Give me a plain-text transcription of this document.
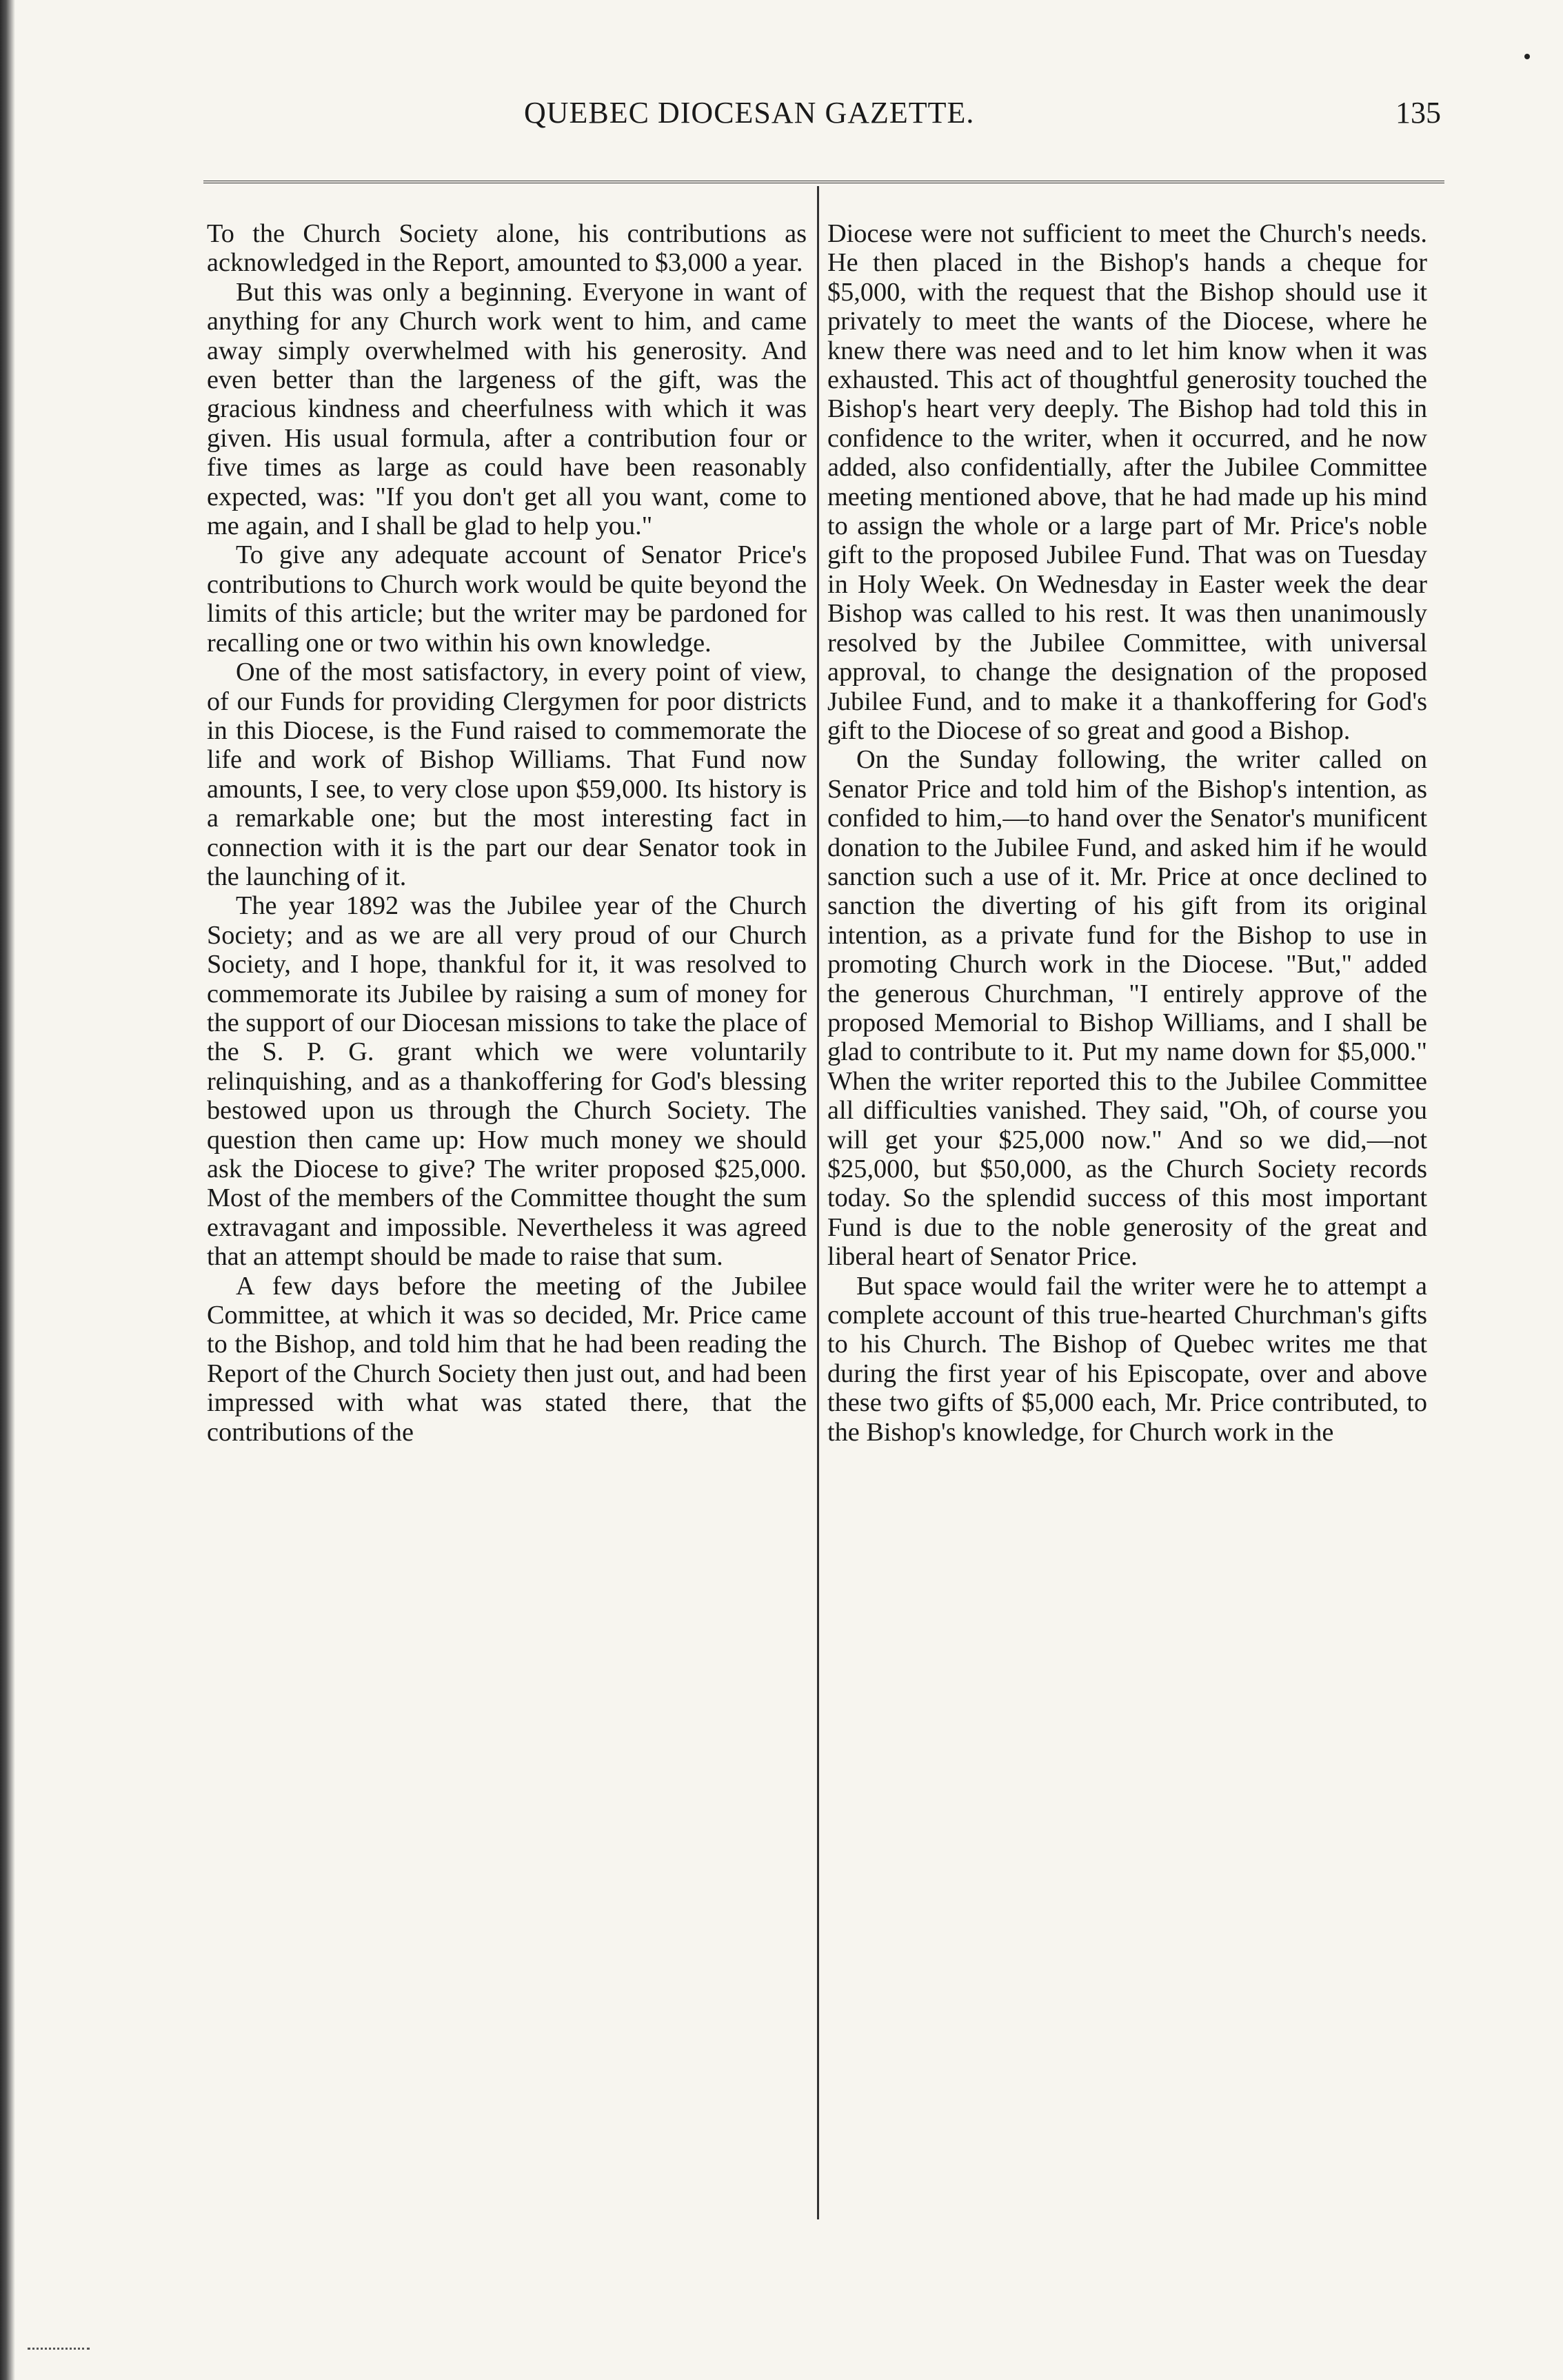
QUEBEC DIOCESAN GAZETTE.	135

To the Church Society alone, his contributions as acknowledged in the Report, amounted to $3,000 a year.

But this was only a beginning. Everyone in want of anything for any Church work went to him, and came away simply overwhelmed with his generosity. And even better than the largeness of the gift, was the gracious kindness and cheerfulness with which it was given. His usual formula, after a contribution four or five times as large as could have been reasonably expected, was: "If you don't get all you want, come to me again, and I shall be glad to help you."

To give any adequate account of Senator Price's contributions to Church work would be quite beyond the limits of this article; but the writer may be pardoned for recalling one or two within his own knowledge.

One of the most satisfactory, in every point of view, of our Funds for providing Clergymen for poor districts in this Diocese, is the Fund raised to commemorate the life and work of Bishop Williams. That Fund now amounts, I see, to very close upon $59,000. Its history is a remarkable one; but the most interesting fact in connection with it is the part our dear Senator took in the launching of it.

The year 1892 was the Jubilee year of the Church Society; and as we are all very proud of our Church Society, and I hope, thankful for it, it was resolved to commemorate its Jubilee by raising a sum of money for the support of our Diocesan missions to take the place of the S. P. G. grant which we were voluntarily relinquishing, and as a thankoffering for God's blessing bestowed upon us through the Church Society. The question then came up: How much money we should ask the Diocese to give? The writer proposed $25,000. Most of the members of the Committee thought the sum extravagant and impossible. Nevertheless it was agreed that an attempt should be made to raise that sum.

A few days before the meeting of the Jubilee Committee, at which it was so decided, Mr. Price came to the Bishop, and told him that he had been reading the Report of the Church Society then just out, and had been impressed with what was stated there, that the contributions of the

Diocese were not sufficient to meet the Church's needs. He then placed in the Bishop's hands a cheque for $5,000, with the request that the Bishop should use it privately to meet the wants of the Diocese, where he knew there was need and to let him know when it was exhausted. This act of thoughtful generosity touched the Bishop's heart very deeply. The Bishop had told this in confidence to the writer, when it occurred, and he now added, also confidentially, after the Jubilee Committee meeting mentioned above, that he had made up his mind to assign the whole or a large part of Mr. Price's noble gift to the proposed Jubilee Fund. That was on Tuesday in Holy Week. On Wednesday in Easter week the dear Bishop was called to his rest. It was then unanimously resolved by the Jubilee Committee, with universal approval, to change the designation of the proposed Jubilee Fund, and to make it a thankoffering for God's gift to the Diocese of so great and good a Bishop.

On the Sunday following, the writer called on Senator Price and told him of the Bishop's intention, as confided to him,—to hand over the Senator's munificent donation to the Jubilee Fund, and asked him if he would sanction such a use of it. Mr. Price at once declined to sanction the diverting of his gift from its original intention, as a private fund for the Bishop to use in promoting Church work in the Diocese. "But," added the generous Churchman, "I entirely approve of the proposed Memorial to Bishop Williams, and I shall be glad to contribute to it. Put my name down for $5,000." When the writer reported this to the Jubilee Committee all difficulties vanished. They said, "Oh, of course you will get your $25,000 now." And so we did,—not $25,000, but $50,000, as the Church Society records today. So the splendid success of this most important Fund is due to the noble generosity of the great and liberal heart of Senator Price.

But space would fail the writer were he to attempt a complete account of this true-hearted Churchman's gifts to his Church. The Bishop of Quebec writes me that during the first year of his Episcopate, over and above these two gifts of $5,000 each, Mr. Price contributed, to the Bishop's knowledge, for Church work in the
